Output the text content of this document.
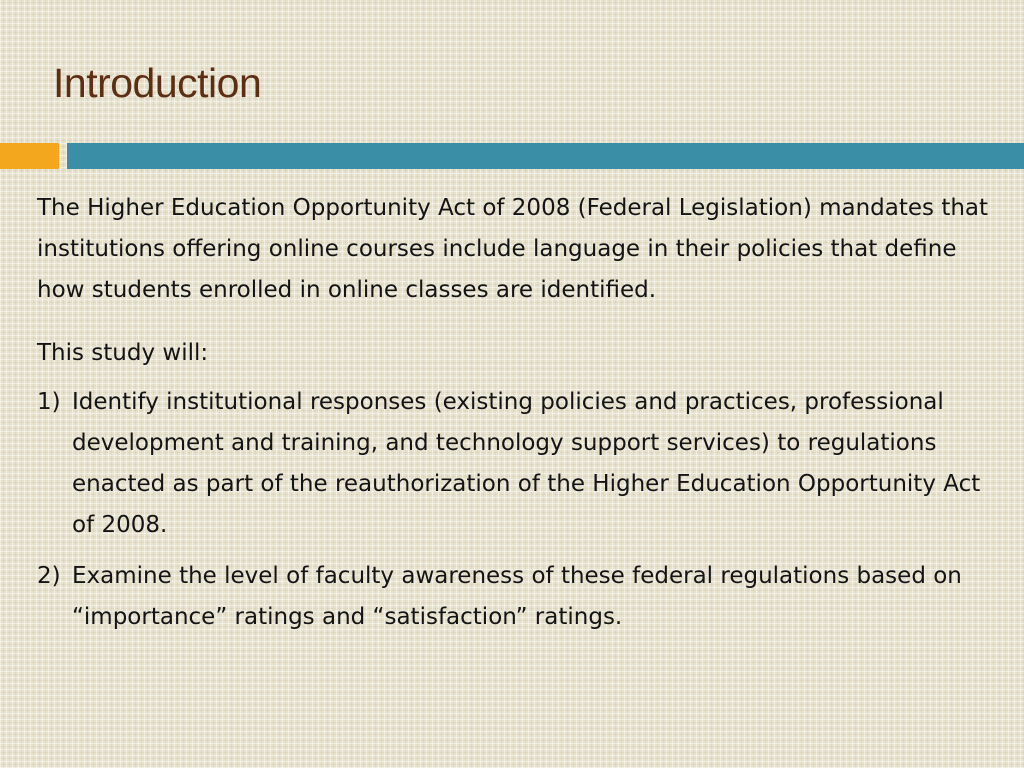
Introduction

The Higher Education Opportunity Act of 2008 (Federal Legislation) mandates that institutions offering online courses include language in their policies that define how students enrolled in online classes are identified.

This study will:

1) Identify institutional responses (existing policies and practices, professional development and training, and technology support services) to regulations enacted as part of the reauthorization of the Higher Education Opportunity Act of 2008.
2) Examine the level of faculty awareness of these federal regulations based on “importance” ratings and “satisfaction” ratings.
